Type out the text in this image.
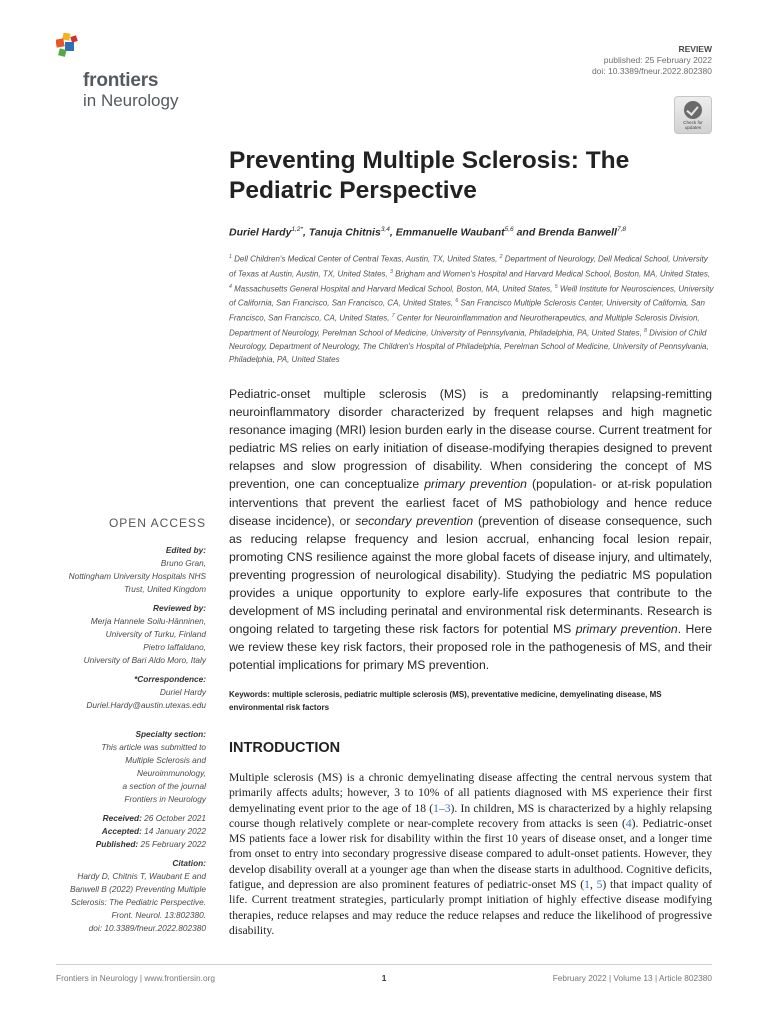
frontiers
in Neurology
REVIEW
published: 25 February 2022
doi: 10.3389/fneur.2022.802380
Check for
updates
Preventing Multiple Sclerosis: The Pediatric Perspective
Duriel Hardy$^{1,2*}$, Tanuja Chitnis$^{3,4}$, Emmanuelle Waubant$^{5,6}$ and Brenda Banwell$^{7,8}$
$^1$ Dell Children's Medical Center of Central Texas, Austin, TX, United States, $^2$ Department of Neurology, Dell Medical School, University of Texas at Austin, Austin, TX, United States, $^3$ Brigham and Women's Hospital and Harvard Medical School, Boston, MA, United States, $^4$ Massachusetts General Hospital and Harvard Medical School, Boston, MA, United States, $^5$ Weill Institute for Neurosciences, University of California, San Francisco, San Francisco, CA, United States, $^6$ San Francisco Multiple Sclerosis Center, University of California, San Francisco, San Francisco, CA, United States, $^7$ Center for Neuroinflammation and Neurotherapeutics, and Multiple Sclerosis Division, Department of Neurology, Perelman School of Medicine, University of Pennsylvania, Philadelphia, PA, United States, $^8$ Division of Child Neurology, Department of Neurology, The Children's Hospital of Philadelphia, Perelman School of Medicine, University of Pennsylvania, Philadelphia, PA, United States
Pediatric-onset multiple sclerosis (MS) is a predominantly relapsing-remitting neuroinflammatory disorder characterized by frequent relapses and high magnetic resonance imaging (MRI) lesion burden early in the disease course. Current treatment for pediatric MS relies on early initiation of disease-modifying therapies designed to prevent relapses and slow progression of disability. When considering the concept of MS prevention, one can conceptualize primary prevention (population- or at-risk population interventions that prevent the earliest facet of MS pathobiology and hence reduce disease incidence), or secondary prevention (prevention of disease consequence, such as reducing relapse frequency and lesion accrual, enhancing focal lesion repair, promoting CNS resilience against the more global facets of disease injury, and ultimately, preventing progression of neurological disability). Studying the pediatric MS population provides a unique opportunity to explore early-life exposures that contribute to the development of MS including perinatal and environmental risk determinants. Research is ongoing related to targeting these risk factors for potential MS primary prevention. Here we review these key risk factors, their proposed role in the pathogenesis of MS, and their potential implications for primary MS prevention.
Keywords: multiple sclerosis, pediatric multiple sclerosis (MS), preventative medicine, demyelinating disease, MS environmental risk factors
INTRODUCTION
Multiple sclerosis (MS) is a chronic demyelinating disease affecting the central nervous system that primarily affects adults; however, 3 to 10% of all patients diagnosed with MS experience their first demyelinating event prior to the age of 18 (1–3). In children, MS is characterized by a highly relapsing course though relatively complete or near-complete recovery from attacks is seen (4). Pediatric-onset MS patients face a lower risk for disability within the first 10 years of disease onset, and a longer time from onset to entry into secondary progressive disease compared to adult-onset patients. However, they develop disability overall at a younger age than when the disease starts in adulthood. Cognitive deficits, fatigue, and depression are also prominent features of pediatric-onset MS (1, 5) that impact quality of life. Current treatment strategies, particularly prompt initiation of highly effective disease modifying therapies, reduce relapses and may reduce the reduce relapses and reduce the likelihood of progressive disability.
OPEN ACCESS
Edited by:
Bruno Gran,
Nottingham University Hospitals NHS
Trust, United Kingdom
Reviewed by:
Merja Hannele Soilu-Hänninen,
University of Turku, Finland
Pietro Iaffaldano,
University of Bari Aldo Moro, Italy
*Correspondence:
Duriel Hardy
Duriel.Hardy@austin.utexas.edu
Specialty section:
This article was submitted to
Multiple Sclerosis and
Neuroimmunology,
a section of the journal
Frontiers in Neurology
Received: 26 October 2021
Accepted: 14 January 2022
Published: 25 February 2022
Citation:
Hardy D, Chitnis T, Waubant E and
Banwell B (2022) Preventing Multiple
Sclerosis: The Pediatric Perspective.
Front. Neurol. 13:802380.
doi: 10.3389/fneur.2022.802380
Frontiers in Neurology | www.frontiersin.org	1	February 2022 | Volume 13 | Article 802380
